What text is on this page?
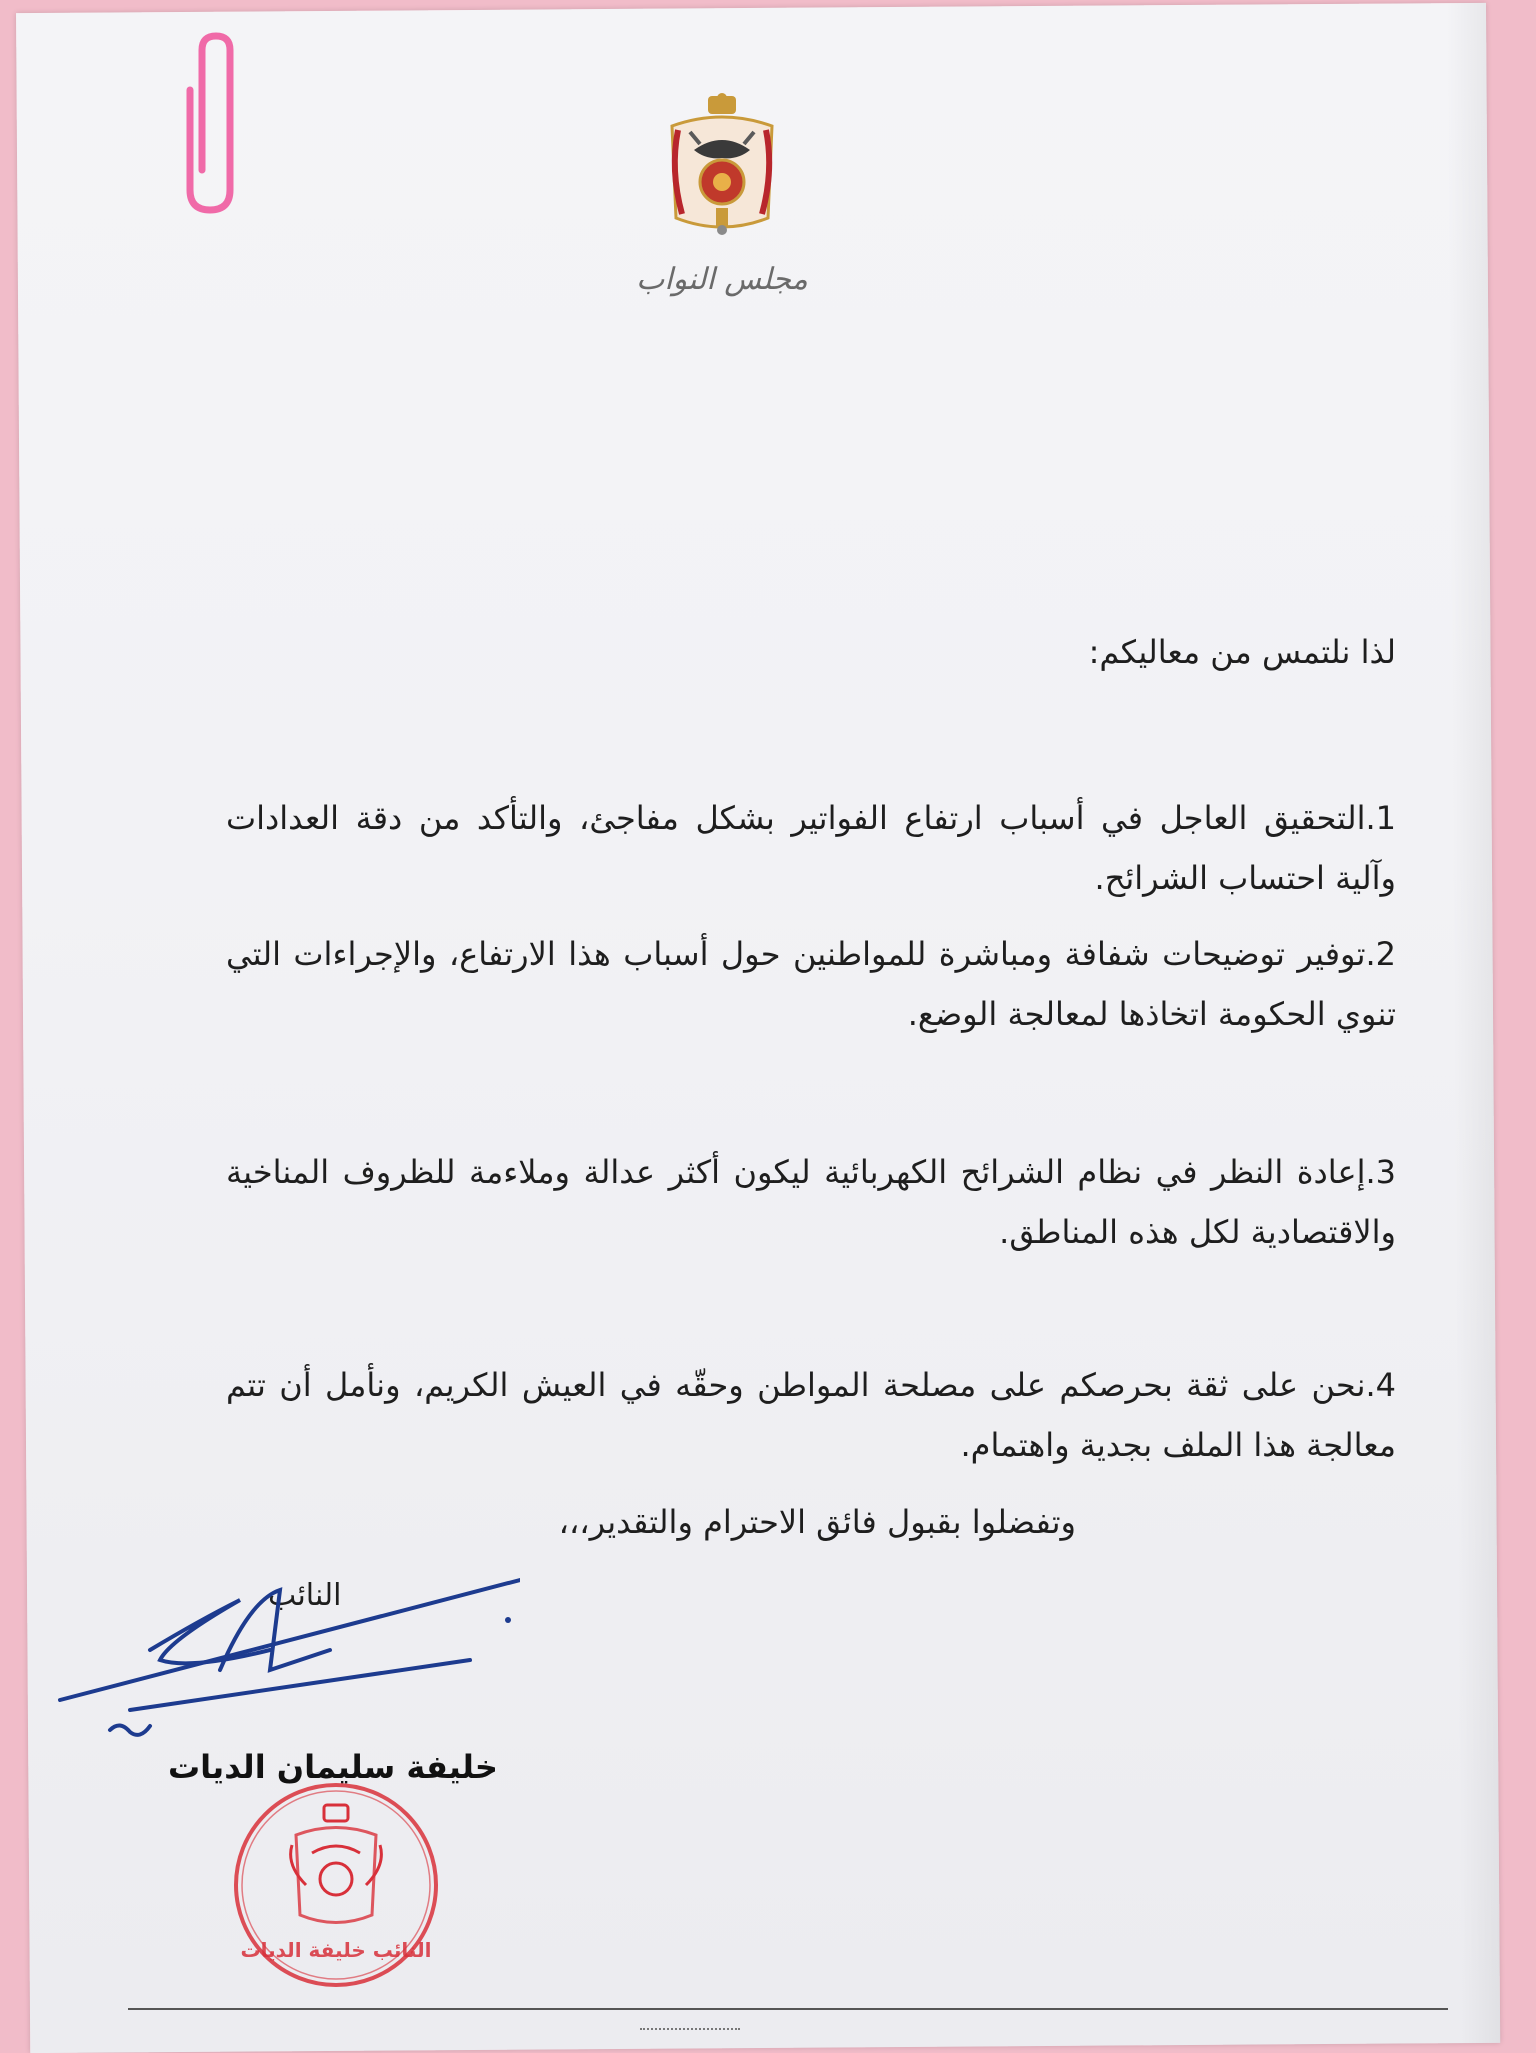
مجلس النواب
لذا نلتمس من معاليكم:
1.التحقيق العاجل في أسباب ارتفاع الفواتير بشكل مفاجئ، والتأكد من دقة العدادات وآلية احتساب الشرائح.
2.توفير توضيحات شفافة ومباشرة للمواطنين حول أسباب هذا الارتفاع، والإجراءات التي تنوي الحكومة اتخاذها لمعالجة الوضع.
3.إعادة النظر في نظام الشرائح الكهربائية ليكون أكثر عدالة وملاءمة للظروف المناخية والاقتصادية لكل هذه المناطق.
4.نحن على ثقة بحرصكم على مصلحة المواطن وحقّه في العيش الكريم، ونأمل أن تتم معالجة هذا الملف بجدية واهتمام.
وتفضلوا بقبول فائق الاحترام والتقدير،،،
النائب
خليفة سليمان الديات
النائب خليفة الديات
